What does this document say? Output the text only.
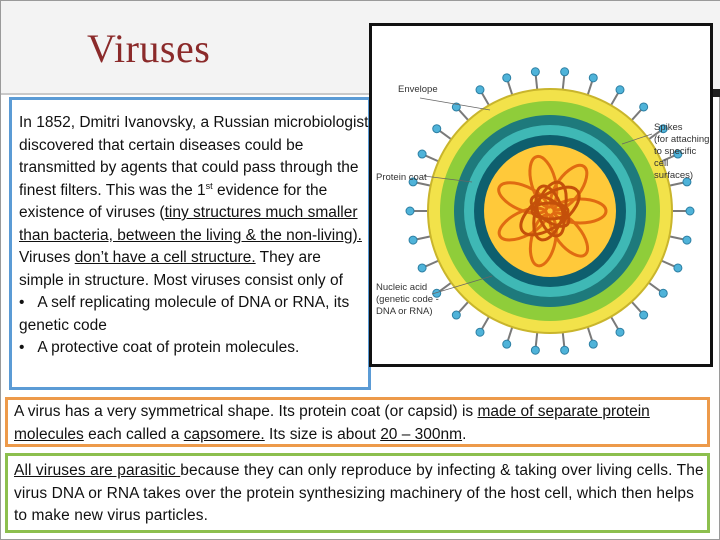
Viruses
In 1852, Dmitri Ivanovsky, a Russian microbiologist discovered that certain diseases could be transmitted by agents that could pass through the finest filters. This was the 1st evidence for the existence of viruses (tiny structures much smaller than bacteria, between the living & the non-living). Viruses don’t have a cell structure. They are simple in structure. Most viruses consist only of
• A self replicating molecule of DNA or RNA, its genetic code
• A protective coat of protein molecules.
Envelope
Protein coat
Nucleic acid
(genetic code -
DNA or RNA)
Spikes
(for attaching
to specific cell
surfaces)
A virus has a very symmetrical shape. Its protein coat (or capsid) is made of separate protein molecules each called a capsomere. Its size is about 20 – 300nm.
All viruses are parasitic because they can only reproduce by infecting & taking over living cells. The virus DNA or RNA takes over the protein synthesizing machinery of the host cell, which then helps to make new virus particles.
